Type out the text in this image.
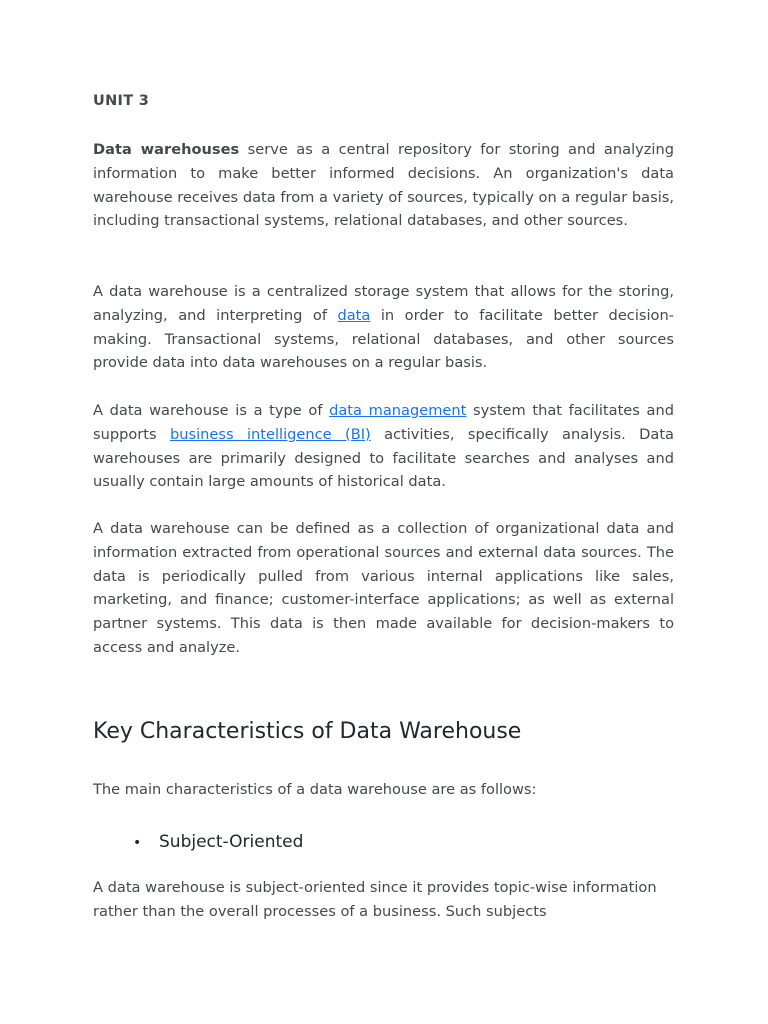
UNIT 3

Data warehouses serve as a central repository for storing and analyzing information to make better informed decisions. An organization's data warehouse receives data from a variety of sources, typically on a regular basis, including transactional systems, relational databases, and other sources.

A data warehouse is a centralized storage system that allows for the storing, analyzing, and interpreting of data in order to facilitate better decision-making. Transactional systems, relational databases, and other sources provide data into data warehouses on a regular basis.

A data warehouse is a type of data management system that facilitates and supports business intelligence (BI) activities, specifically analysis. Data warehouses are primarily designed to facilitate searches and analyses and usually contain large amounts of historical data.

A data warehouse can be defined as a collection of organizational data and information extracted from operational sources and external data sources. The data is periodically pulled from various internal applications like sales, marketing, and finance; customer-interface applications; as well as external partner systems. This data is then made available for decision-makers to access and analyze.

Key Characteristics of Data Warehouse

The main characteristics of a data warehouse are as follows:

• Subject-Oriented

A data warehouse is subject-oriented since it provides topic-wise information rather than the overall processes of a business. Such subjects
